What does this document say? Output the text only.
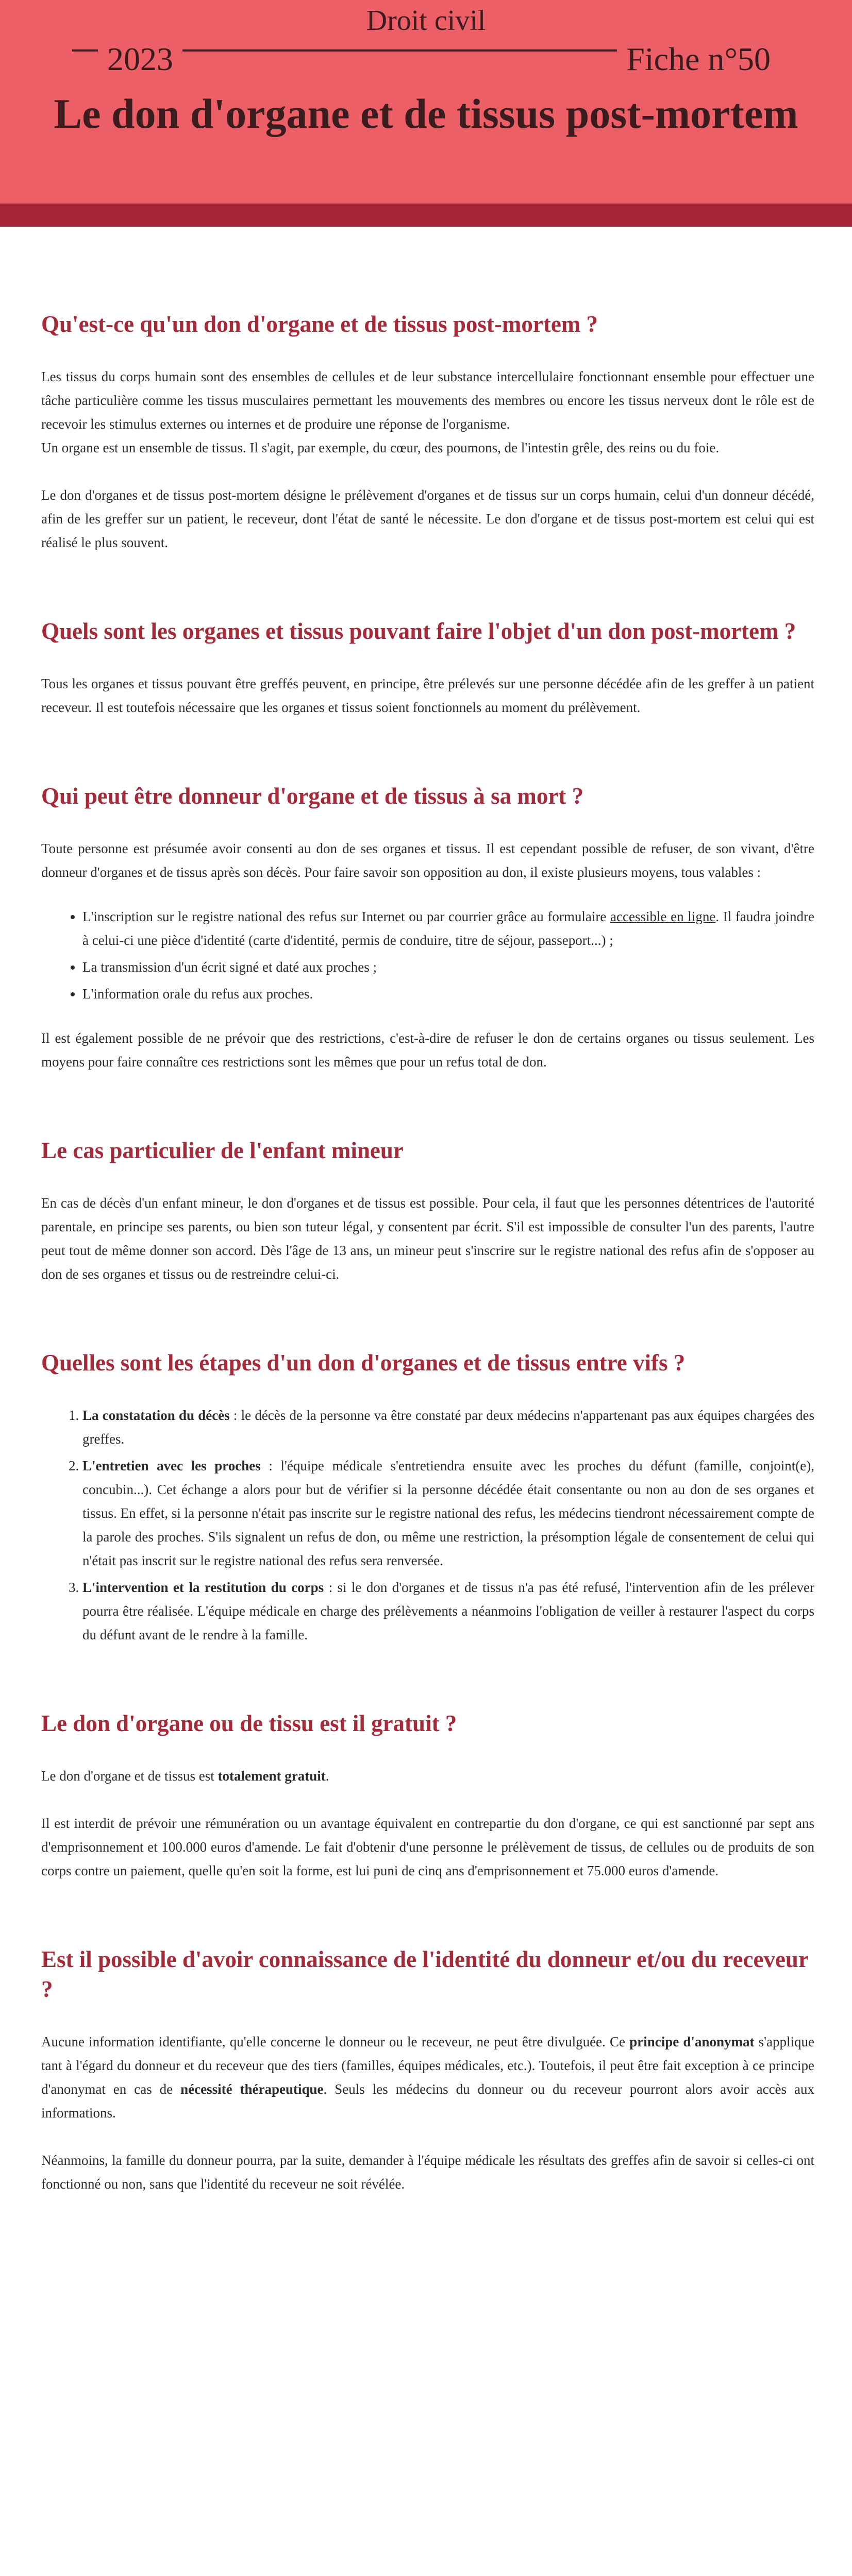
Droit civil
2023	Fiche n°50
Le don d'organe et de tissus post-mortem
Qu'est-ce qu'un don d'organe et de tissus post-mortem ?

Les tissus du corps humain sont des ensembles de cellules et de leur substance intercellulaire fonctionnant ensemble pour effectuer une tâche particulière comme les tissus musculaires permettant les mouvements des membres ou encore les tissus nerveux dont le rôle est de recevoir les stimulus externes ou internes et de produire une réponse de l'organisme.

Un organe est un ensemble de tissus. Il s'agit, par exemple, du cœur, des poumons, de l'intestin grêle, des reins ou du foie.

Le don d'organes et de tissus post-mortem désigne le prélèvement d'organes et de tissus sur un corps humain, celui d'un donneur décédé, afin de les greffer sur un patient, le receveur, dont l'état de santé le nécessite. Le don d'organe et de tissus post-mortem est celui qui est réalisé le plus souvent.

Quels sont les organes et tissus pouvant faire l'objet d'un don post-mortem ?

Tous les organes et tissus pouvant être greffés peuvent, en principe, être prélevés sur une personne décédée afin de les greffer à un patient receveur. Il est toutefois nécessaire que les organes et tissus soient fonctionnels au moment du prélèvement.

Qui peut être donneur d'organe et de tissus à sa mort ?

Toute personne est présumée avoir consenti au don de ses organes et tissus. Il est cependant possible de refuser, de son vivant, d'être donneur d'organes et de tissus après son décès. Pour faire savoir son opposition au don, il existe plusieurs moyens, tous valables :

• L'inscription sur le registre national des refus sur Internet ou par courrier grâce au formulaire accessible en ligne. Il faudra joindre à celui-ci une pièce d'identité (carte d'identité, permis de conduire, titre de séjour, passeport...) ;
• La transmission d'un écrit signé et daté aux proches ;
• L'information orale du refus aux proches.

Il est également possible de ne prévoir que des restrictions, c'est-à-dire de refuser le don de certains organes ou tissus seulement. Les moyens pour faire connaître ces restrictions sont les mêmes que pour un refus total de don.

Le cas particulier de l'enfant mineur

En cas de décès d'un enfant mineur, le don d'organes et de tissus est possible. Pour cela, il faut que les personnes détentrices de l'autorité parentale, en principe ses parents, ou bien son tuteur légal, y consentent par écrit. S'il est impossible de consulter l'un des parents, l'autre peut tout de même donner son accord. Dès l'âge de 13 ans, un mineur peut s'inscrire sur le registre national des refus afin de s'opposer au don de ses organes et tissus ou de restreindre celui-ci.

Quelles sont les étapes d'un don d'organes et de tissus entre vifs ?
1. La constatation du décès : le décès de la personne va être constaté par deux médecins n'appartenant pas aux équipes chargées des greffes.
2. L'entretien avec les proches : l'équipe médicale s'entretiendra ensuite avec les proches du défunt (famille, conjoint(e), concubin...). Cet échange a alors pour but de vérifier si la personne décédée était consentante ou non au don de ses organes et tissus. En effet, si la personne n'était pas inscrite sur le registre national des refus, les médecins tiendront nécessairement compte de la parole des proches. S'ils signalent un refus de don, ou même une restriction, la présomption légale de consentement de celui qui n'était pas inscrit sur le registre national des refus sera renversée.
3. L'intervention et la restitution du corps : si le don d'organes et de tissus n'a pas été refusé, l'intervention afin de les prélever pourra être réalisée. L'équipe médicale en charge des prélèvements a néanmoins l'obligation de veiller à restaurer l'aspect du corps du défunt avant de le rendre à la famille.
Le don d'organe ou de tissu est il gratuit ?

Le don d'organe et de tissus est totalement gratuit.

Il est interdit de prévoir une rémunération ou un avantage équivalent en contrepartie du don d'organe, ce qui est sanctionné par sept ans d'emprisonnement et 100.000 euros d'amende. Le fait d'obtenir d'une personne le prélèvement de tissus, de cellules ou de produits de son corps contre un paiement, quelle qu'en soit la forme, est lui puni de cinq ans d'emprisonnement et 75.000 euros d'amende.

Est il possible d'avoir connaissance de l'identité du donneur et/ou du receveur ?

Aucune information identifiante, qu'elle concerne le donneur ou le receveur, ne peut être divulguée. Ce principe d'anonymat s'applique tant à l'égard du donneur et du receveur que des tiers (familles, équipes médicales, etc.). Toutefois, il peut être fait exception à ce principe d'anonymat en cas de nécessité thérapeutique. Seuls les médecins du donneur ou du receveur pourront alors avoir accès aux informations.

Néanmoins, la famille du donneur pourra, par la suite, demander à l'équipe médicale les résultats des greffes afin de savoir si celles-ci ont fonctionné ou non, sans que l'identité du receveur ne soit révélée.
